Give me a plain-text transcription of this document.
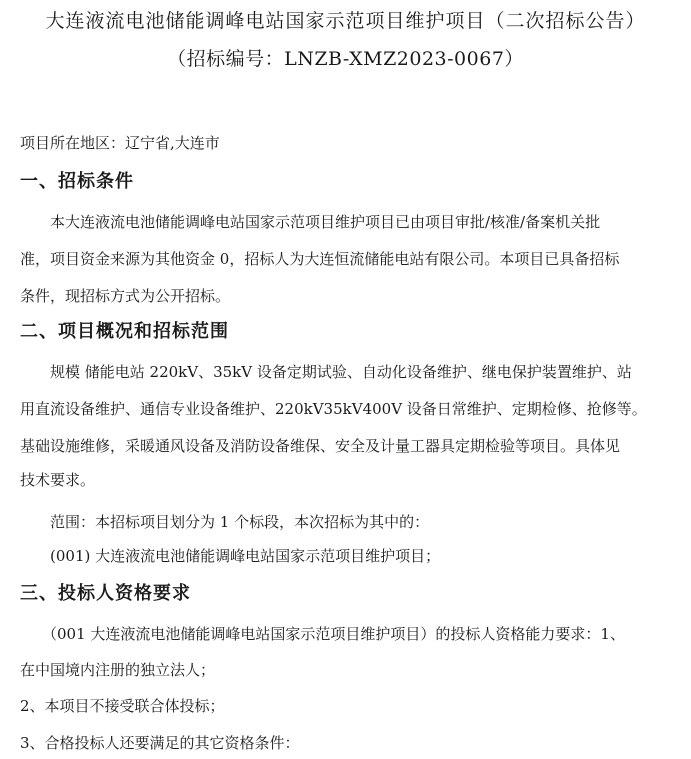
大连液流电池储能调峰电站国家示范项目维护项目（二次招标公告）
（招标编号：LNZB-XMZ2023-0067）
项目所在地区：辽宁省,大连市
一、招标条件
本大连液流电池储能调峰电站国家示范项目维护项目已由项目审批/核准/备案机关批
准，项目资金来源为其他资金 0，招标人为大连恒流储能电站有限公司。本项目已具备招标
条件，现招标方式为公开招标。
二、项目概况和招标范围
规模 储能电站 220kV、35kV 设备定期试验、自动化设备维护、继电保护装置维护、站
用直流设备维护、通信专业设备维护、220kV35kV400V 设备日常维护、定期检修、抢修等。
基础设施维修，采暖通风设备及消防设备维保、安全及计量工器具定期检验等项目。具体见
技术要求。
范围：本招标项目划分为 1 个标段，本次招标为其中的：
(001) 大连液流电池储能调峰电站国家示范项目维护项目；
三、投标人资格要求
（001 大连液流电池储能调峰电站国家示范项目维护项目）的投标人资格能力要求：1、
在中国境内注册的独立法人；
2、本项目不接受联合体投标；
3、合格投标人还要满足的其它资格条件：
